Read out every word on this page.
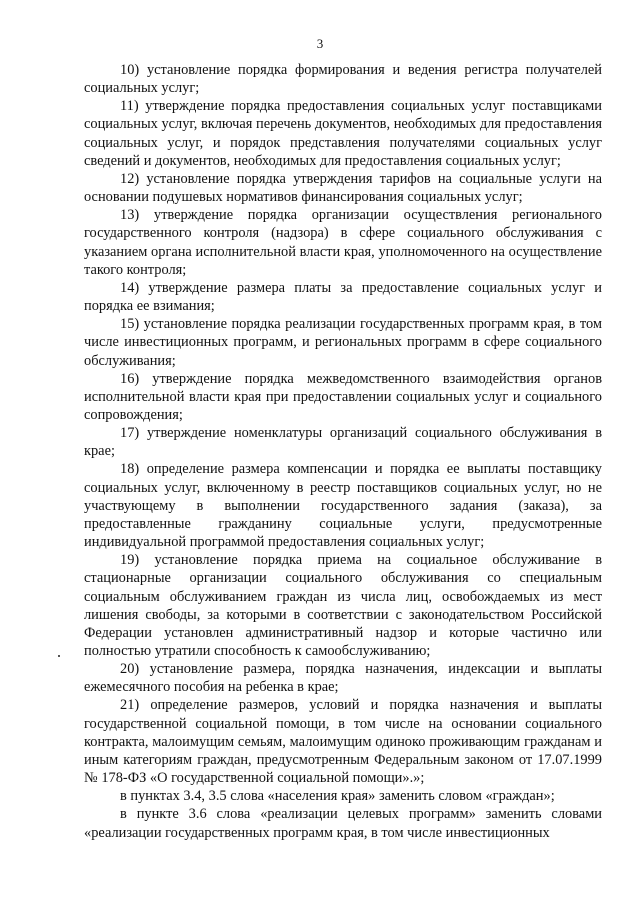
3

10) установление порядка формирования и ведения регистра получателей социальных услуг;

11) утверждение порядка предоставления социальных услуг поставщиками социальных услуг, включая перечень документов, необходимых для предоставления социальных услуг, и порядок представления получателями социальных услуг сведений и документов, необходимых для предоставления социальных услуг;

12) установление порядка утверждения тарифов на социальные услуги на основании подушевых нормативов финансирования социальных услуг;

13) утверждение порядка организации осуществления регионального государственного контроля (надзора) в сфере социального обслуживания с указанием органа исполнительной власти края, уполномоченного на осуществление такого контроля;

14) утверждение размера платы за предоставление социальных услуг и порядка ее взимания;

15) установление порядка реализации государственных программ края, в том числе инвестиционных программ, и региональных программ в сфере социального обслуживания;

16) утверждение порядка межведомственного взаимодействия органов исполнительной власти края при предоставлении социальных услуг и социального сопровождения;

17) утверждение номенклатуры организаций социального обслуживания в крае;

18) определение размера компенсации и порядка ее выплаты поставщику социальных услуг, включенному в реестр поставщиков социальных услуг, но не участвующему в выполнении государственного задания (заказа), за предоставленные гражданину социальные услуги, предусмотренные индивидуальной программой предоставления социальных услуг;

19) установление порядка приема на социальное обслуживание в стационарные организации социального обслуживания со специальным социальным обслуживанием граждан из числа лиц, освобождаемых из мест лишения свободы, за которыми в соответствии с законодательством Российской Федерации установлен административный надзор и которые частично или полностью утратили способность к самообслуживанию;

20) установление размера, порядка назначения, индексации и выплаты ежемесячного пособия на ребенка в крае;

21) определение размеров, условий и порядка назначения и выплаты государственной социальной помощи, в том числе на основании социального контракта, малоимущим семьям, малоимущим одиноко проживающим гражданам и иным категориям граждан, предусмотренным Федеральным законом от 17.07.1999 № 178-ФЗ «О государственной социальной помощи».»;

в пунктах 3.4, 3.5 слова «населения края» заменить словом «граждан»;

в пункте 3.6 слова «реализации целевых программ» заменить словами «реализации государственных программ края, в том числе инвестиционных
